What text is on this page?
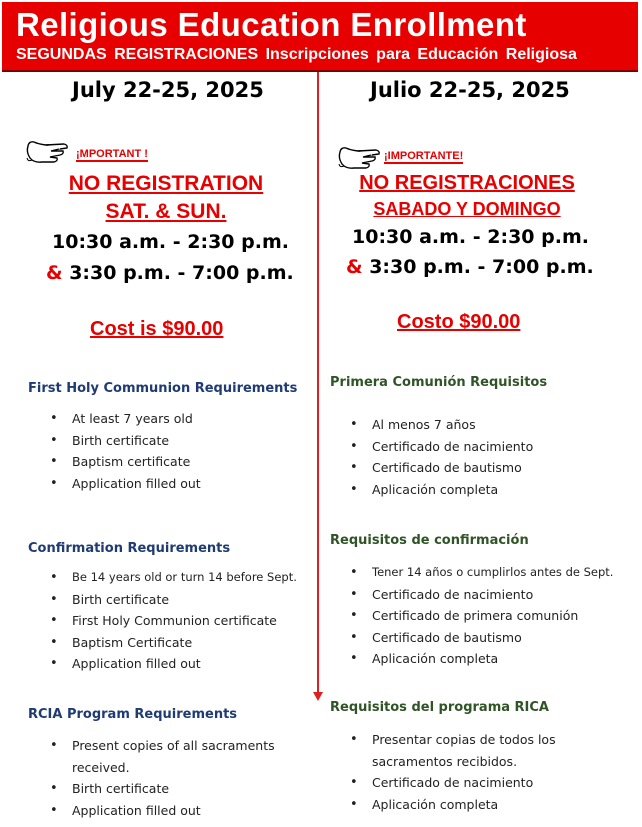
Religious Education Enrollment
SEGUNDAS REGISTRACIONES Inscripciones para Educación Religiosa
July 22-25, 2025
¡MPORTANT !
NO REGISTRATION
SAT. & SUN.
10:30 a.m. - 2:30 p.m.
& 3:30 p.m. - 7:00 p.m.
Cost is $90.00
First Holy Communion Requirements
• At least 7 years old
• Birth certificate
• Baptism certificate
• Application filled out
Confirmation Requirements
• Be 14 years old or turn 14 before Sept.
• Birth certificate
• First Holy Communion certificate
• Baptism Certificate
• Application filled out
RCIA Program Requirements
• Present copies of all sacraments received.
• Birth certificate
• Application filled out
Julio 22-25, 2025
¡IMPORTANTE!
NO REGISTRACIONES
SABADO Y DOMINGO
10:30 a.m. - 2:30 p.m.
& 3:30 p.m. - 7:00 p.m.
Costo $90.00
Primera Comunión Requisitos
• Al menos 7 años
• Certificado de nacimiento
• Certificado de bautismo
• Aplicación completa
Requisitos de confirmación
• Tener 14 años o cumplirlos antes de Sept.
• Certificado de nacimiento
• Certificado de primera comunión
• Certificado de bautismo
• Aplicación completa
Requisitos del programa RICA
• Presentar copias de todos los sacramentos recibidos.
• Certificado de nacimiento
• Aplicación completa
